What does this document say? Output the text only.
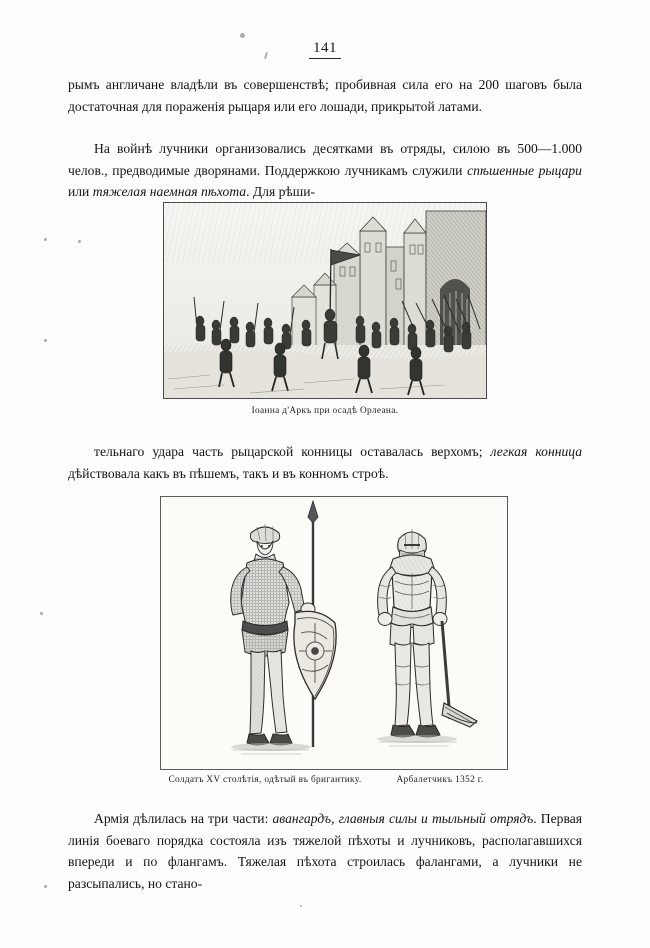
141

рымъ англичане владѣли въ совершенствѣ; пробивная сила его на 200 шаговъ была достаточная для пораженія рыцаря или его лошади, прикрытой латами.

На войнѣ лучники организовались десятками въ отряды, силою въ 500—1.000 челов., предводимые дворянами. Поддержкою лучникамъ служили спѣшенные рыцари или тяжелая наемная пѣхота. Для рѣши-

Іоанна д'Аркъ при осадѣ Орлеана.

тельнаго удара часть рыцарской конницы оставалась верхомъ; легкая конница дѣйствовала какъ въ пѣшемъ, такъ и въ конномъ строѣ.

Солдатъ XV столѣтія, одѣтый въ бригантику.	Арбалетчикъ 1352 г.

Армія дѣлилась на три части: авангардъ, главныя силы и тыльный отрядъ. Первая линія боеваго порядка состояла изъ тяжелой пѣхоты и лучниковъ, располагавшихся впереди и по флангамъ. Тяжелая пѣхота строилась фалангами, а лучники не разсыпались, но стано-
